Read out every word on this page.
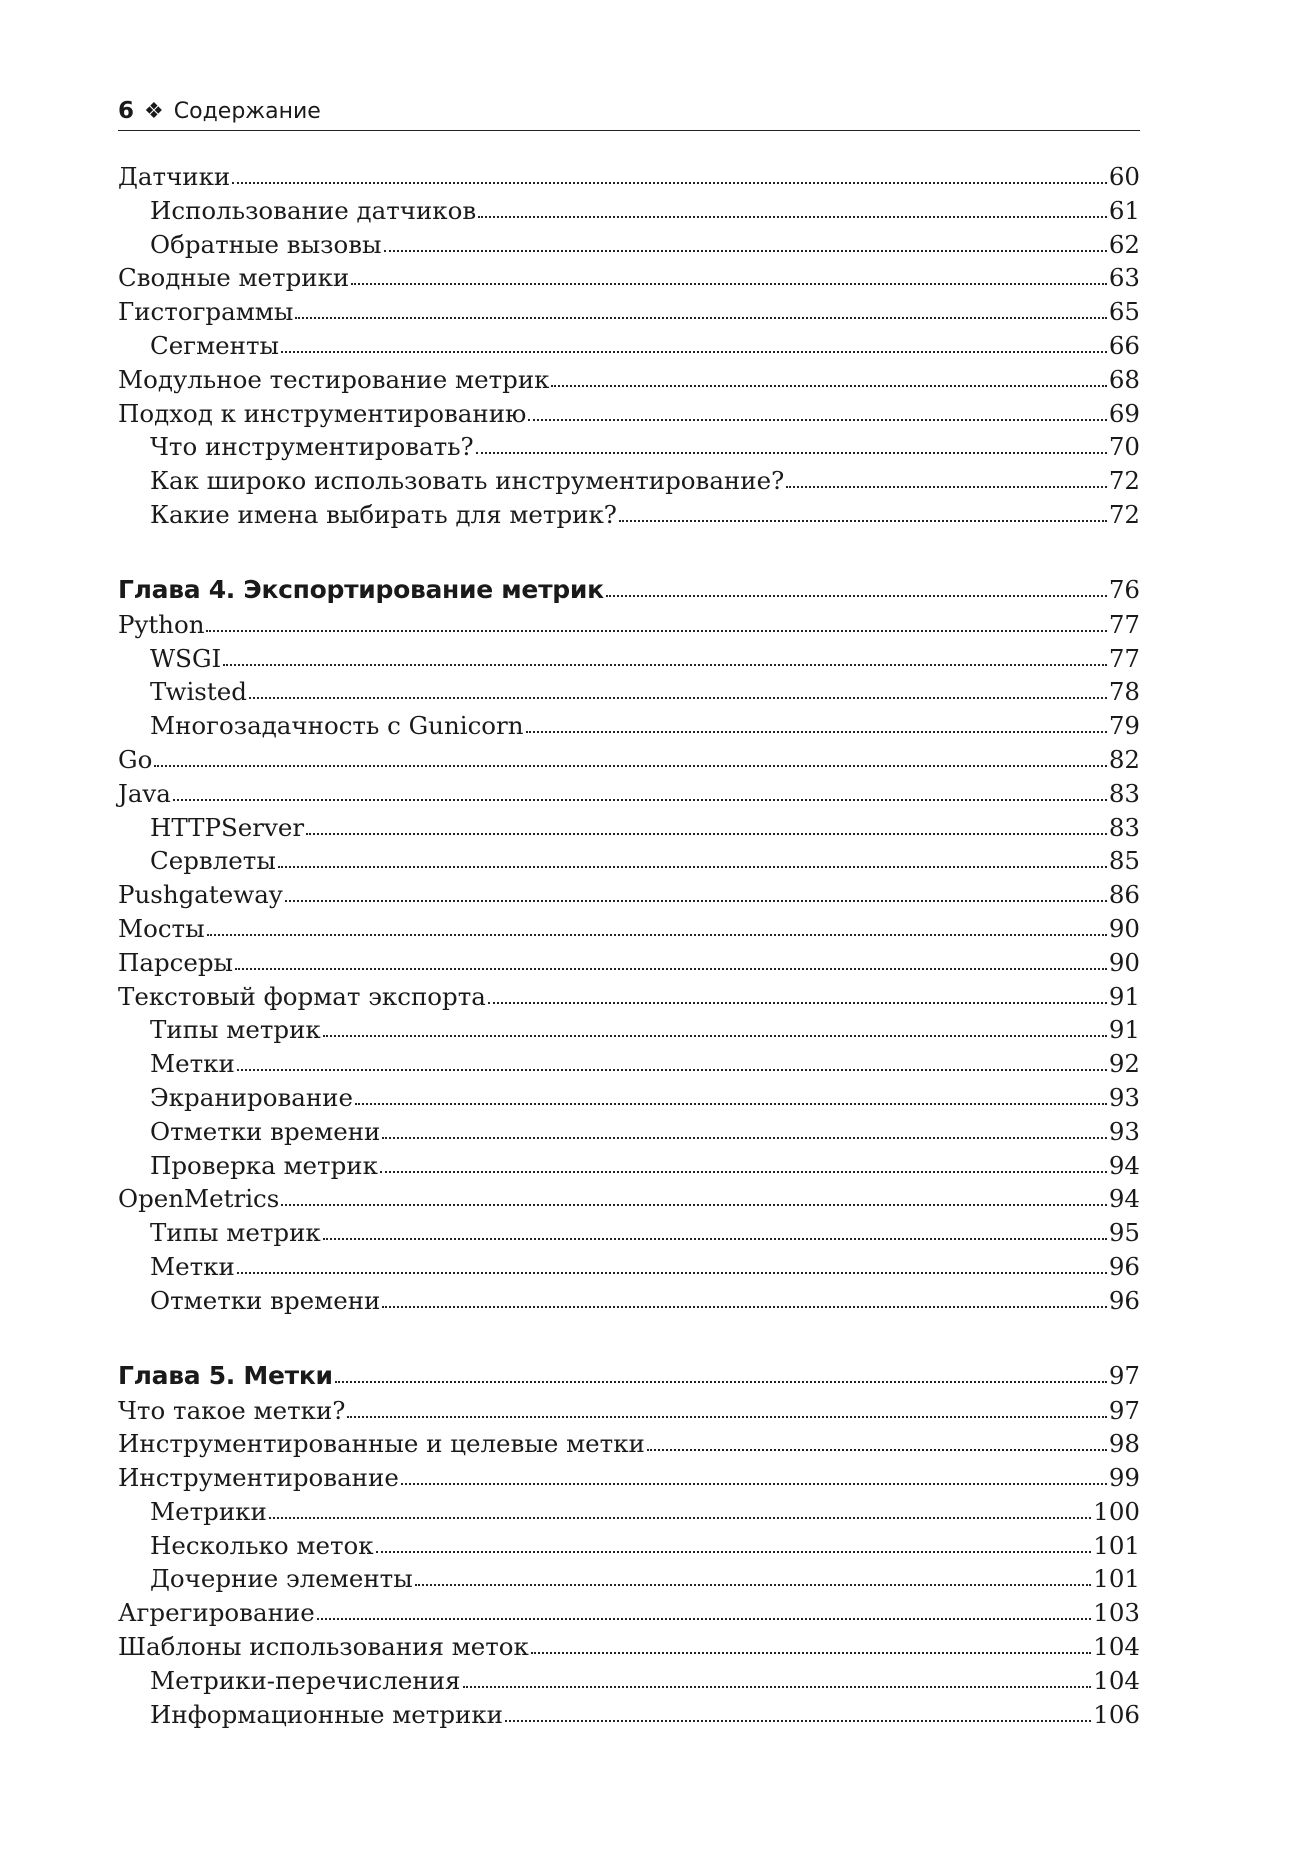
6 ❖ Содержание
Датчики	60
Использование датчиков	61
Обратные вызовы	62
Сводные метрики	63
Гистограммы	65
Сегменты	66
Модульное тестирование метрик	68
Подход к инструментированию	69
Что инструментировать?	70
Как широко использовать инструментирование?	72
Какие имена выбирать для метрик?	72
Глава 4. Экспортирование метрик	76
Python	77
WSGI	77
Twisted	78
Многозадачность с Gunicorn	79
Go	82
Java	83
HTTPServer	83
Сервлеты	85
Pushgateway	86
Мосты	90
Парсеры	90
Текстовый формат экспорта	91
Типы метрик	91
Метки	92
Экранирование	93
Отметки времени	93
Проверка метрик	94
OpenMetrics	94
Типы метрик	95
Метки	96
Отметки времени	96
Глава 5. Метки	97
Что такое метки?	97
Инструментированные и целевые метки	98
Инструментирование	99
Метрики	100
Несколько меток	101
Дочерние элементы	101
Агрегирование	103
Шаблоны использования меток	104
Метрики-перечисления	104
Информационные метрики	106
